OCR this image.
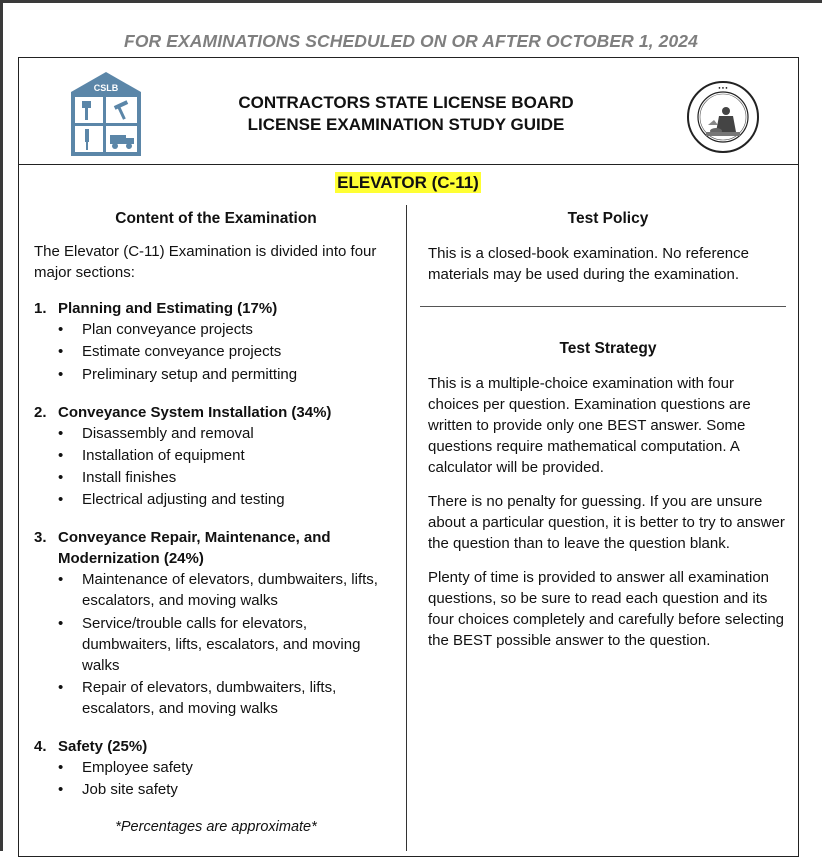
FOR EXAMINATIONS SCHEDULED ON OR AFTER OCTOBER 1, 2024
CSLB
CONTRACTORS STATE LICENSE BOARD
LICENSE EXAMINATION STUDY GUIDE
● ● ●
ELEVATOR (C-11)

Content of the Examination

The Elevator (C-11) Examination is divided into four major sections:

1. Planning and Estimating (17%)

• Plan conveyance projects
• Estimate conveyance projects
• Preliminary setup and permitting

2. Conveyance System Installation (34%)

• Disassembly and removal
• Installation of equipment
• Install finishes
• Electrical adjusting and testing

3. Conveyance Repair, Maintenance, and Modernization (24%)

• Maintenance of elevators, dumbwaiters, lifts, escalators, and moving walks
• Service/trouble calls for elevators, dumbwaiters, lifts, escalators, and moving walks
• Repair of elevators, dumbwaiters, lifts, escalators, and moving walks

4. Safety (25%)

• Employee safety
• Job site safety

*Percentages are approximate*

Test Policy

This is a closed-book examination. No reference materials may be used during the examination.

Test Strategy

This is a multiple-choice examination with four choices per question. Examination questions are written to provide only one BEST answer. Some questions require mathematical computation. A calculator will be provided.

There is no penalty for guessing. If you are unsure about a particular question, it is better to try to answer the question than to leave the question blank.

Plenty of time is provided to answer all examination questions, so be sure to read each question and its four choices completely and carefully before selecting the BEST possible answer to the question.
